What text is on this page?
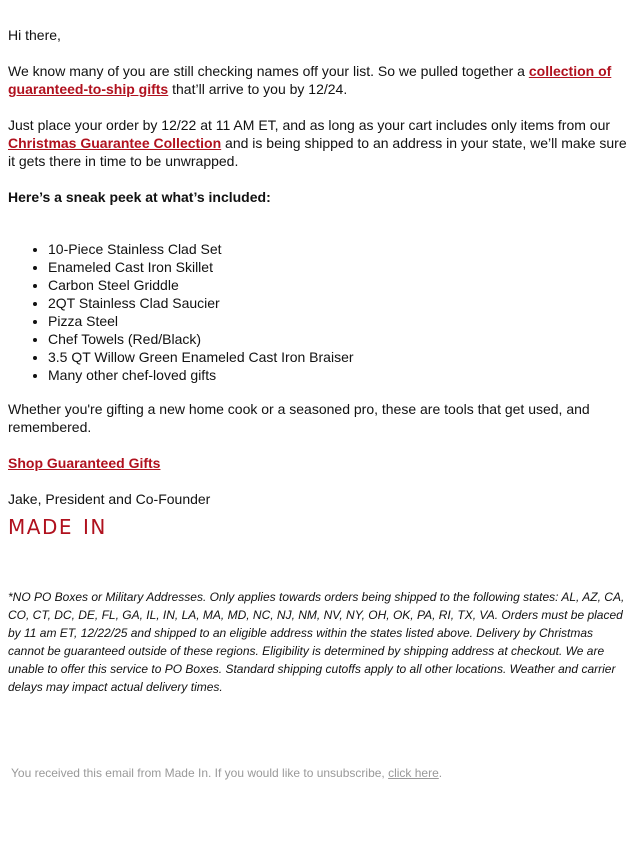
Hi there,

We know many of you are still checking names off your list. So we pulled together a collection of guaranteed-to-ship gifts that’ll arrive to you by 12/24.

Just place your order by 12/22 at 11 AM ET, and as long as your cart includes only items from our Christmas Guarantee Collection and is being shipped to an address in your state, we’ll make sure it gets there in time to be unwrapped.

Here’s a sneak peek at what’s included:

• 10-Piece Stainless Clad Set
• Enameled Cast Iron Skillet
• Carbon Steel Griddle
• 2QT Stainless Clad Saucier
• Pizza Steel
• Chef Towels (Red/Black)
• 3.5 QT Willow Green Enameled Cast Iron Braiser
• Many other chef-loved gifts

Whether you're gifting a new home cook or a seasoned pro, these are tools that get used, and remembered.

Shop Guaranteed Gifts

Jake, President and Co-Founder

MADE IN
*NO PO Boxes or Military Addresses. Only applies towards orders being shipped to the following states: AL, AZ, CA, CO, CT, DC, DE, FL, GA, IL, IN, LA, MA, MD, NC, NJ, NM, NV, NY, OH, OK, PA, RI, TX, VA. Orders must be placed by 11 am ET, 12/22/25 and shipped to an eligible address within the states listed above. Delivery by Christmas cannot be guaranteed outside of these regions. Eligibility is determined by shipping address at checkout. We are unable to offer this service to PO Boxes. Standard shipping cutoffs apply to all other locations. Weather and carrier delays may impact actual delivery times.
You received this email from Made In. If you would like to unsubscribe, click here.
